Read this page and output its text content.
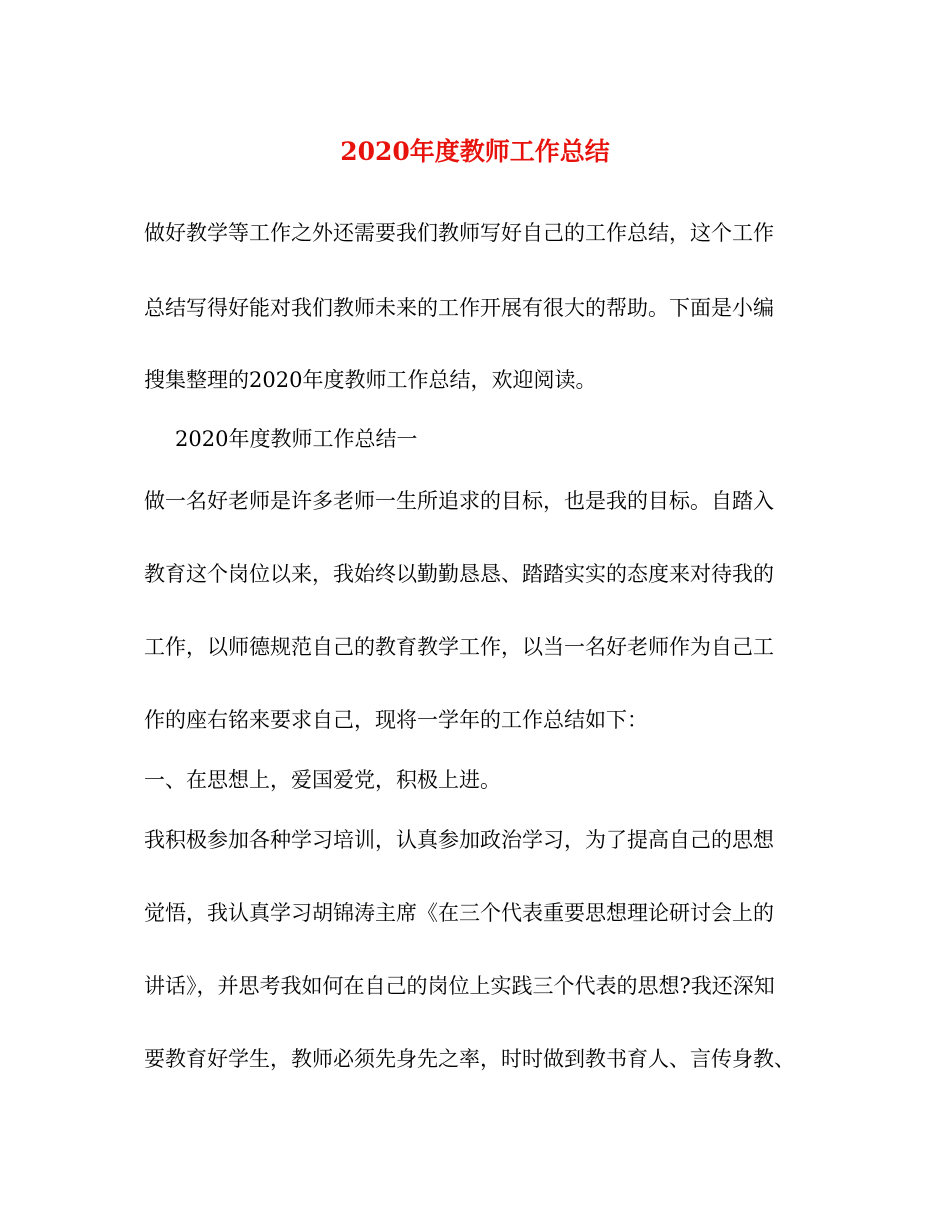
2020年度教师工作总结
做好教学等工作之外还需要我们教师写好自己的工作总结，这个工作
总结写得好能对我们教师未来的工作开展有很大的帮助。下面是小编
搜集整理的2020年度教师工作总结，欢迎阅读。
2020年度教师工作总结一
做一名好老师是许多老师一生所追求的目标，也是我的目标。自踏入
教育这个岗位以来，我始终以勤勤恳恳、踏踏实实的态度来对待我的
工作，以师德规范自己的教育教学工作，以当一名好老师作为自己工
作的座右铭来要求自己，现将一学年的工作总结如下：
一、在思想上，爱国爱党，积极上进。
我积极参加各种学习培训，认真参加政治学习，为了提高自己的思想
觉悟，我认真学习胡锦涛主席《在三个代表重要思想理论研讨会上的
讲话》，并思考我如何在自己的岗位上实践三个代表的思想?我还深知
要教育好学生，教师必须先身先之率，时时做到教书育人、言传身教、
